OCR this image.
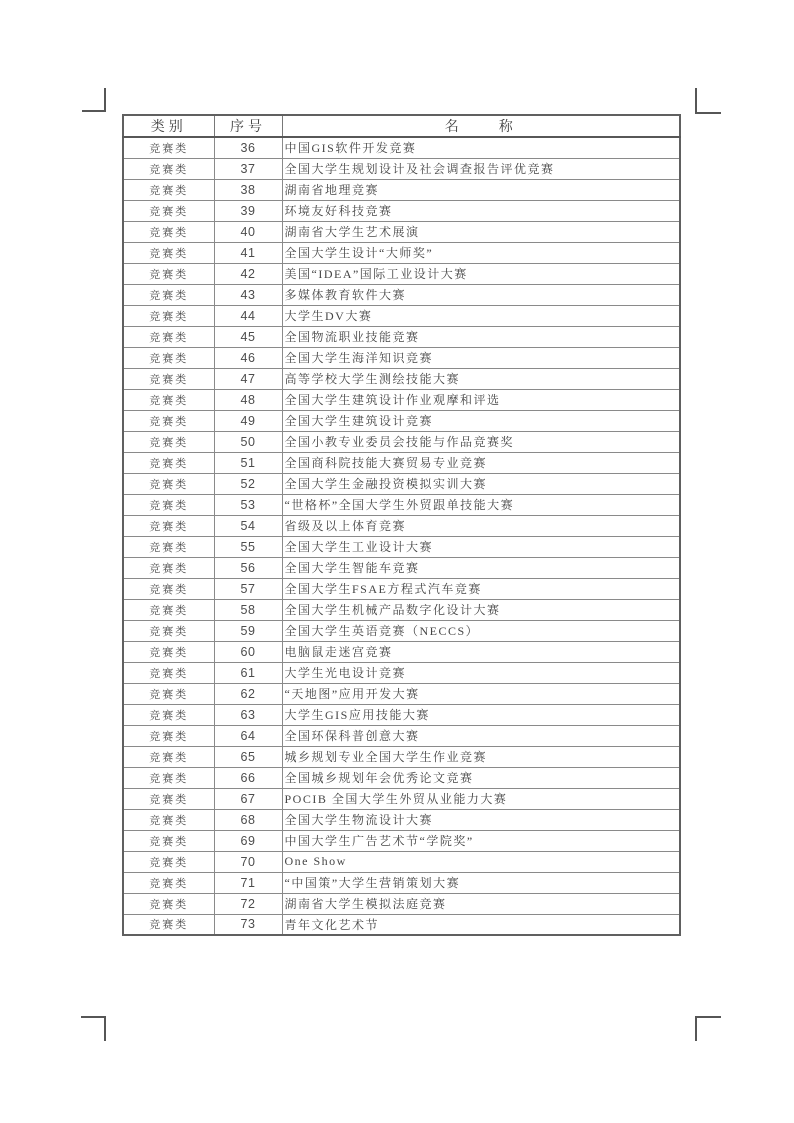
类别	序号	名　　称
竞赛类	36	中国GIS软件开发竞赛
竞赛类	37	全国大学生规划设计及社会调查报告评优竞赛
竞赛类	38	湖南省地理竞赛
竞赛类	39	环境友好科技竞赛
竞赛类	40	湖南省大学生艺术展演
竞赛类	41	全国大学生设计“大师奖”
竞赛类	42	美国“IDEA”国际工业设计大赛
竞赛类	43	多媒体教育软件大赛
竞赛类	44	大学生DV大赛
竞赛类	45	全国物流职业技能竞赛
竞赛类	46	全国大学生海洋知识竞赛
竞赛类	47	高等学校大学生测绘技能大赛
竞赛类	48	全国大学生建筑设计作业观摩和评选
竞赛类	49	全国大学生建筑设计竞赛
竞赛类	50	全国小教专业委员会技能与作品竞赛奖
竞赛类	51	全国商科院技能大赛贸易专业竞赛
竞赛类	52	全国大学生金融投资模拟实训大赛
竞赛类	53	“世格杯”全国大学生外贸跟单技能大赛
竞赛类	54	省级及以上体育竞赛
竞赛类	55	全国大学生工业设计大赛
竞赛类	56	全国大学生智能车竞赛
竞赛类	57	全国大学生FSAE方程式汽车竞赛
竞赛类	58	全国大学生机械产品数字化设计大赛
竞赛类	59	全国大学生英语竞赛（NECCS）
竞赛类	60	电脑鼠走迷宫竞赛
竞赛类	61	大学生光电设计竞赛
竞赛类	62	“天地图”应用开发大赛
竞赛类	63	大学生GIS应用技能大赛
竞赛类	64	全国环保科普创意大赛
竞赛类	65	城乡规划专业全国大学生作业竞赛
竞赛类	66	全国城乡规划年会优秀论文竞赛
竞赛类	67	POCIB 全国大学生外贸从业能力大赛
竞赛类	68	全国大学生物流设计大赛
竞赛类	69	中国大学生广告艺术节“学院奖”
竞赛类	70	One Show
竞赛类	71	“中国策”大学生营销策划大赛
竞赛类	72	湖南省大学生模拟法庭竞赛
竞赛类	73	青年文化艺术节
